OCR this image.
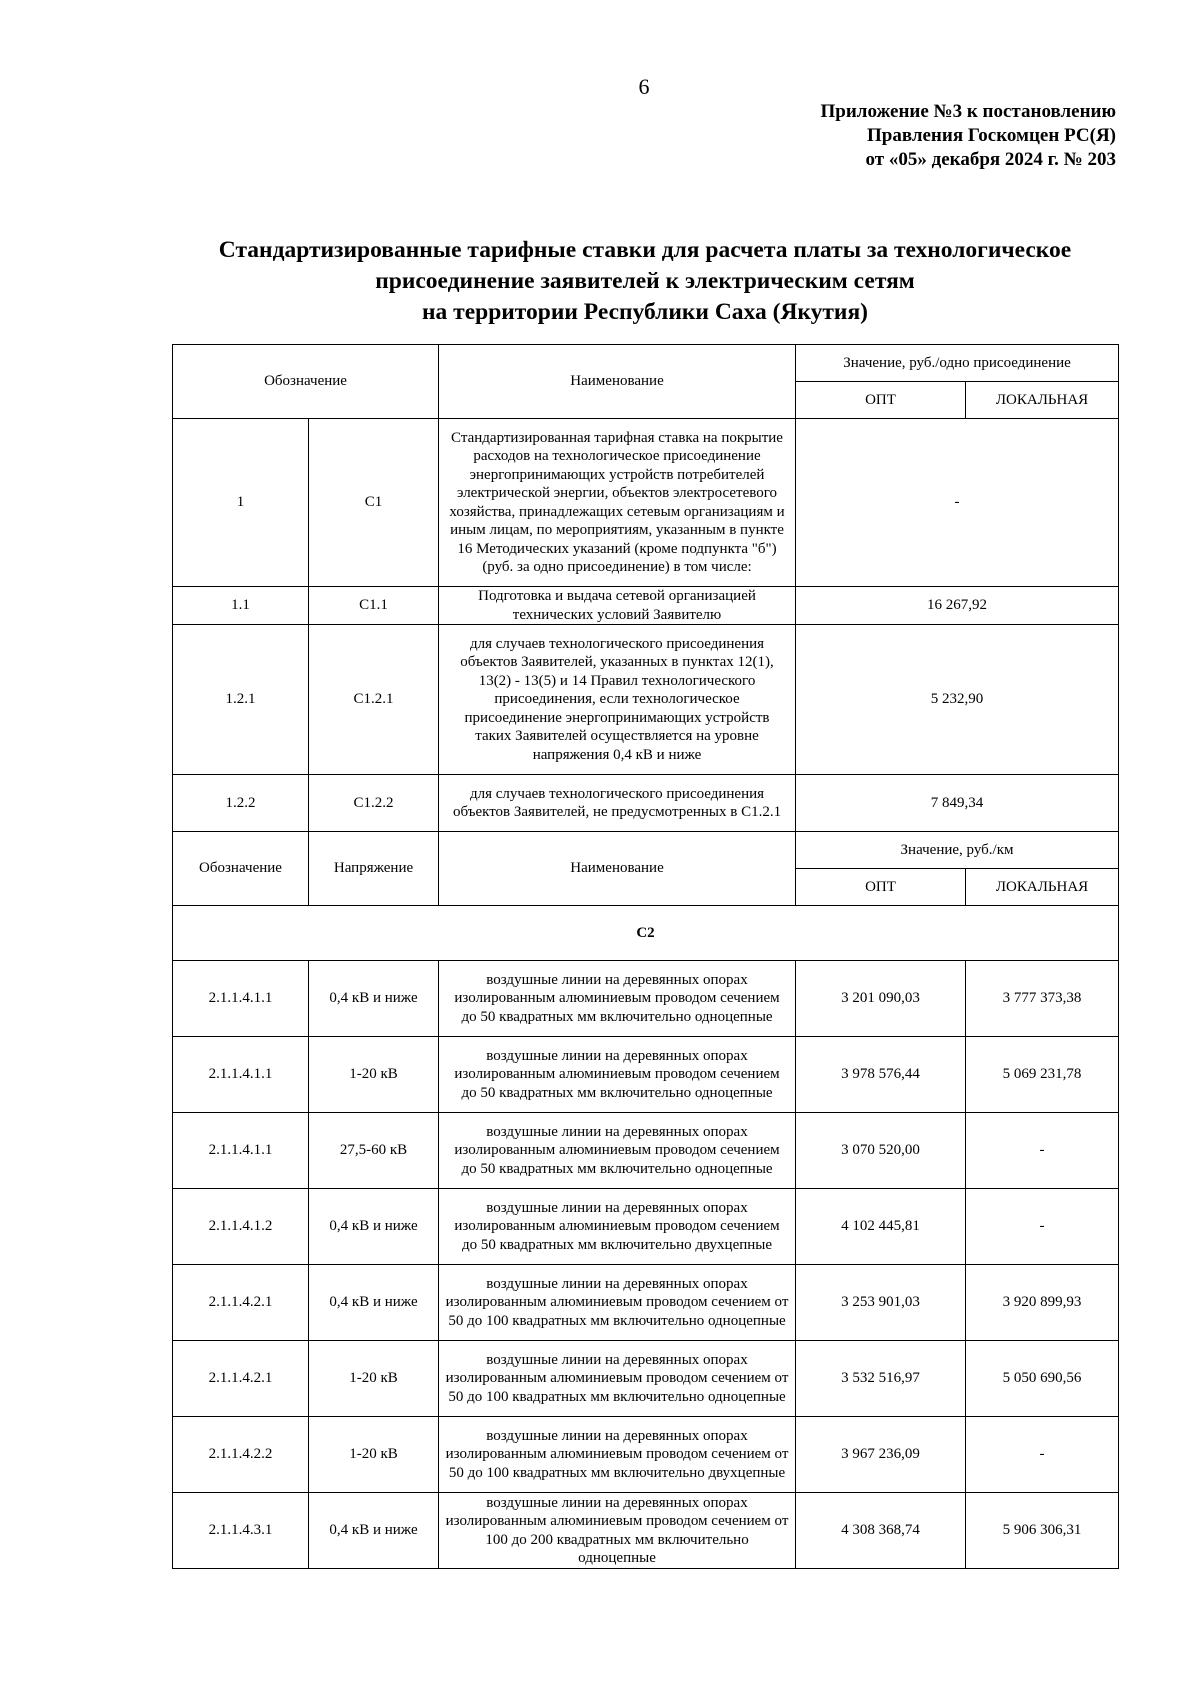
6
Приложение №3 к постановлению
Правления Госкомцен РС(Я)
от «05» декабря 2024 г. № 203
Стандартизированные тарифные ставки для расчета платы за технологическое
присоединение заявителей к электрическим сетям
на территории Республики Саха (Якутия)
Обозначение		Наименование	Значение, руб./одно присоединение	
			ОПТ	ЛОКАЛЬНАЯ
1	С1	Стандартизированная тарифная ставка на покрытие расходов на технологическое присоединение энергопринимающих устройств потребителей электрической энергии, объектов электросетевого хозяйства, принадлежащих сетевым организациям и иным лицам, по мероприятиям, указанным в пункте 16 Методических указаний (кроме подпункта "б") (руб. за одно присоединение) в том числе:	-	
1.1	С1.1	Подготовка и выдача сетевой организацией технических условий Заявителю	16 267,92	
1.2.1	С1.2.1	для случаев технологического присоединения объектов Заявителей, указанных в пунктах 12(1), 13(2) - 13(5) и 14 Правил технологического присоединения, если технологическое присоединение энергопринимающих устройств таких Заявителей осуществляется на уровне напряжения 0,4 кВ и ниже	5 232,90	
1.2.2	С1.2.2	для случаев технологического присоединения объектов Заявителей, не предусмотренных в С1.2.1	7 849,34	
Обозначение	Напряжение	Наименование	Значение, руб./км	
			ОПТ	ЛОКАЛЬНАЯ
С2				
2.1.1.4.1.1	0,4 кВ и ниже	воздушные линии на деревянных опорах изолированным алюминиевым проводом сечением до 50 квадратных мм включительно одноцепные	3 201 090,03	3 777 373,38
2.1.1.4.1.1	1-20 кВ	воздушные линии на деревянных опорах изолированным алюминиевым проводом сечением до 50 квадратных мм включительно одноцепные	3 978 576,44	5 069 231,78
2.1.1.4.1.1	27,5-60 кВ	воздушные линии на деревянных опорах изолированным алюминиевым проводом сечением до 50 квадратных мм включительно одноцепные	3 070 520,00	-
2.1.1.4.1.2	0,4 кВ и ниже	воздушные линии на деревянных опорах изолированным алюминиевым проводом сечением до 50 квадратных мм включительно двухцепные	4 102 445,81	-
2.1.1.4.2.1	0,4 кВ и ниже	воздушные линии на деревянных опорах изолированным алюминиевым проводом сечением от 50 до 100 квадратных мм включительно одноцепные	3 253 901,03	3 920 899,93
2.1.1.4.2.1	1-20 кВ	воздушные линии на деревянных опорах изолированным алюминиевым проводом сечением от 50 до 100 квадратных мм включительно одноцепные	3 532 516,97	5 050 690,56
2.1.1.4.2.2	1-20 кВ	воздушные линии на деревянных опорах изолированным алюминиевым проводом сечением от 50 до 100 квадратных мм включительно двухцепные	3 967 236,09	-
2.1.1.4.3.1	0,4 кВ и ниже	воздушные линии на деревянных опорах изолированным алюминиевым проводом сечением от 100 до 200 квадратных мм включительно одноцепные	4 308 368,74	5 906 306,31
